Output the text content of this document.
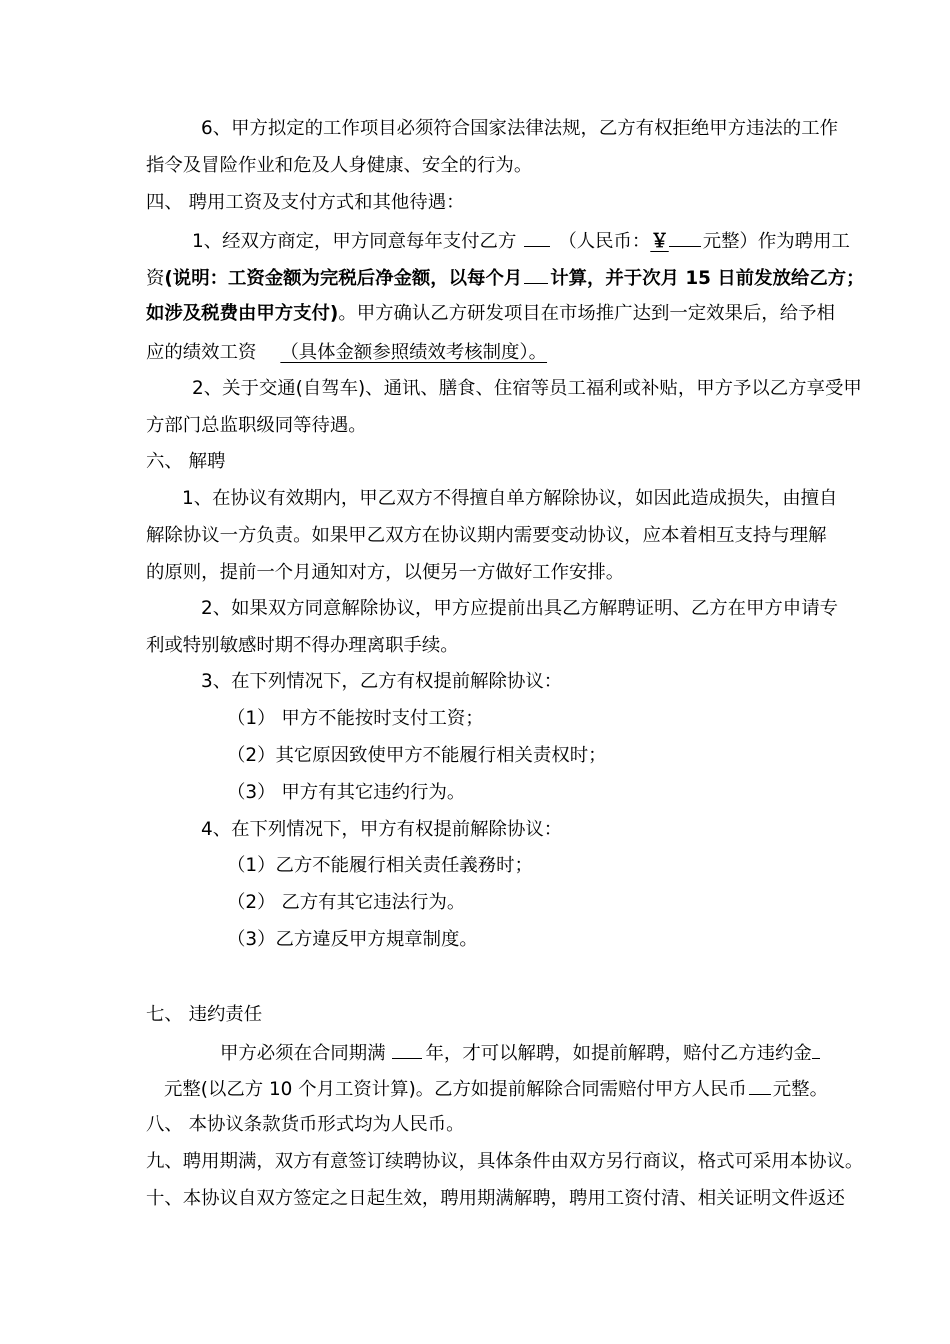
6、甲方拟定的工作项目必须符合国家法律法规，乙方有权拒绝甲方违法的工作
指令及冒险作业和危及人身健康、安全的行为。
四、 聘用工资及支付方式和其他待遇：
1、经双方商定，甲方同意每年支付乙方 （人民币：￥ 元整）作为聘用工
资(说明：工资金额为完税后净金额，以每个月 计算，并于次月 15 日前发放给乙方；
如涉及税费由甲方支付)。甲方确认乙方研发项目在市场推广达到一定效果后，给予相
应的绩效工资 （具体金额参照绩效考核制度）。
2、关于交通(自驾车)、通讯、膳食、住宿等员工福利或补贴，甲方予以乙方享受甲
方部门总监职级同等待遇。
六、 解聘
1、在协议有效期内，甲乙双方不得擅自单方解除协议，如因此造成损失，由擅自
解除协议一方负责。如果甲乙双方在协议期内需要变动协议，应本着相互支持与理解
的原则，提前一个月通知对方，以便另一方做好工作安排。
2、如果双方同意解除协议，甲方应提前出具乙方解聘证明、乙方在甲方申请专
利或特别敏感时期不得办理离职手续。
3、在下列情况下，乙方有权提前解除协议：
（1） 甲方不能按时支付工资；
（2）其它原因致使甲方不能履行相关责权时；
（3） 甲方有其它违约行为。
4、在下列情况下，甲方有权提前解除协议：
（1）乙方不能履行相关责任義務时；
（2） 乙方有其它违法行为。
（3）乙方違反甲方規章制度。
七、 违约责任
甲方必须在合同期满 年，才可以解聘，如提前解聘，赔付乙方违约金
元整(以乙方 10 个月工资计算)。乙方如提前解除合同需赔付甲方人民币 元整。
八、 本协议条款货币形式均为人民币。
九、聘用期满，双方有意签订续聘协议，具体条件由双方另行商议，格式可采用本协议。
十、本协议自双方签定之日起生效，聘用期满解聘，聘用工资付清、相关证明文件返还
